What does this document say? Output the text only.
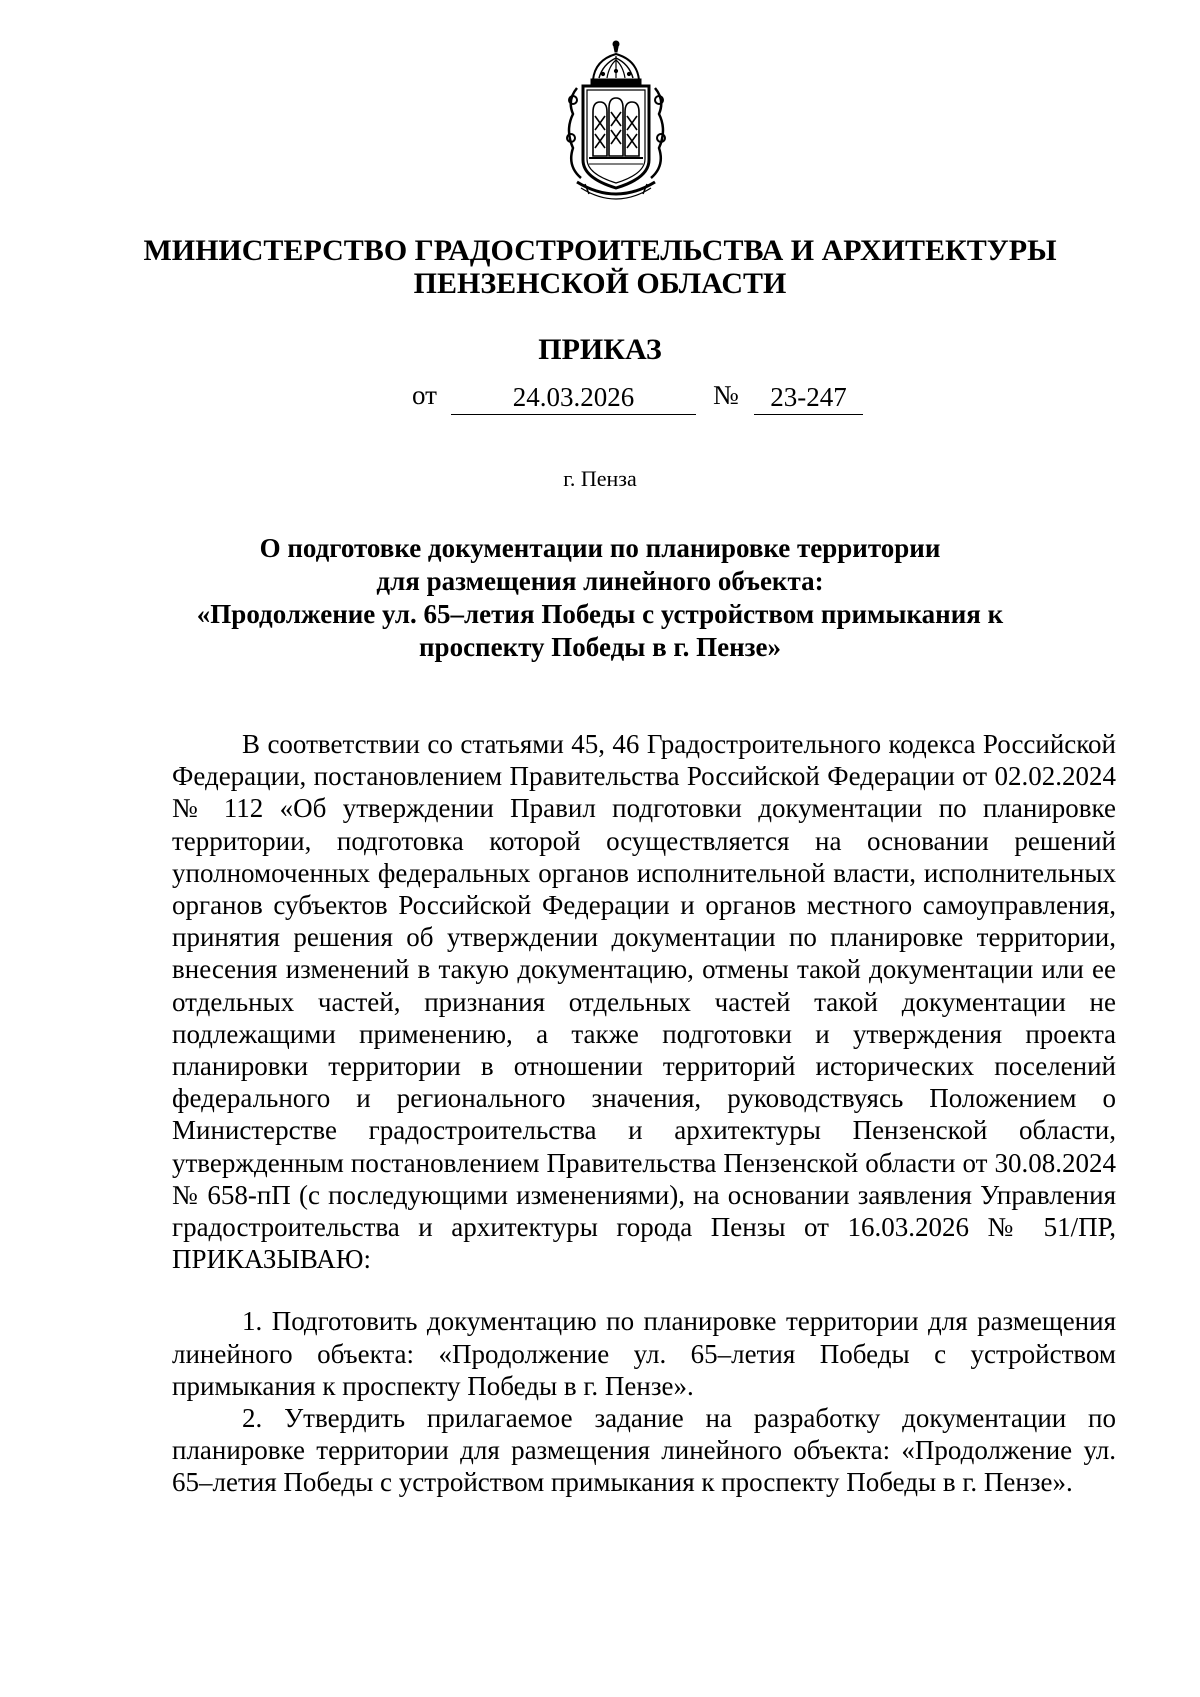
МИНИСТЕРСТВО ГРАДОСТРОИТЕЛЬСТВА И АРХИТЕКТУРЫ
ПЕНЗЕНСКОЙ ОБЛАСТИ
ПРИКАЗ
от	24.03.2026	№	23-247
г. Пенза
О подготовке документации по планировке территории
для размещения линейного объекта:
«Продолжение ул. 65–летия Победы с устройством примыкания к
проспекту Победы в г. Пензе»

В соответствии со статьями 45, 46 Градостроительного кодекса Российской Федерации, постановлением Правительства Российской Федерации от 02.02.2024 № 112 «Об утверждении Правил подготовки документации по планировке территории, подготовка которой осуществляется на основании решений уполномоченных федеральных органов исполнительной власти, исполнительных органов субъектов Российской Федерации и органов местного самоуправления, принятия решения об утверждении документации по планировке территории, внесения изменений в такую документацию, отмены такой документации или ее отдельных частей, признания отдельных частей такой документации не подлежащими применению, а также подготовки и утверждения проекта планировки территории в отношении территорий исторических поселений федерального и регионального значения, руководствуясь Положением о Министерстве градостроительства и архитектуры Пензенской области, утвержденным постановлением Правительства Пензенской области от 30.08.2024 № 658-пП (с последующими изменениями), на основании заявления Управления градостроительства и архитектуры города Пензы от 16.03.2026 № 51/ПР, ПРИКАЗЫВАЮ:

1. Подготовить документацию по планировке территории для размещения линейного объекта: «Продолжение ул. 65–летия Победы с устройством примыкания к проспекту Победы в г. Пензе».

2. Утвердить прилагаемое задание на разработку документации по планировке территории для размещения линейного объекта: «Продолжение ул. 65–летия Победы с устройством примыкания к проспекту Победы в г. Пензе».
